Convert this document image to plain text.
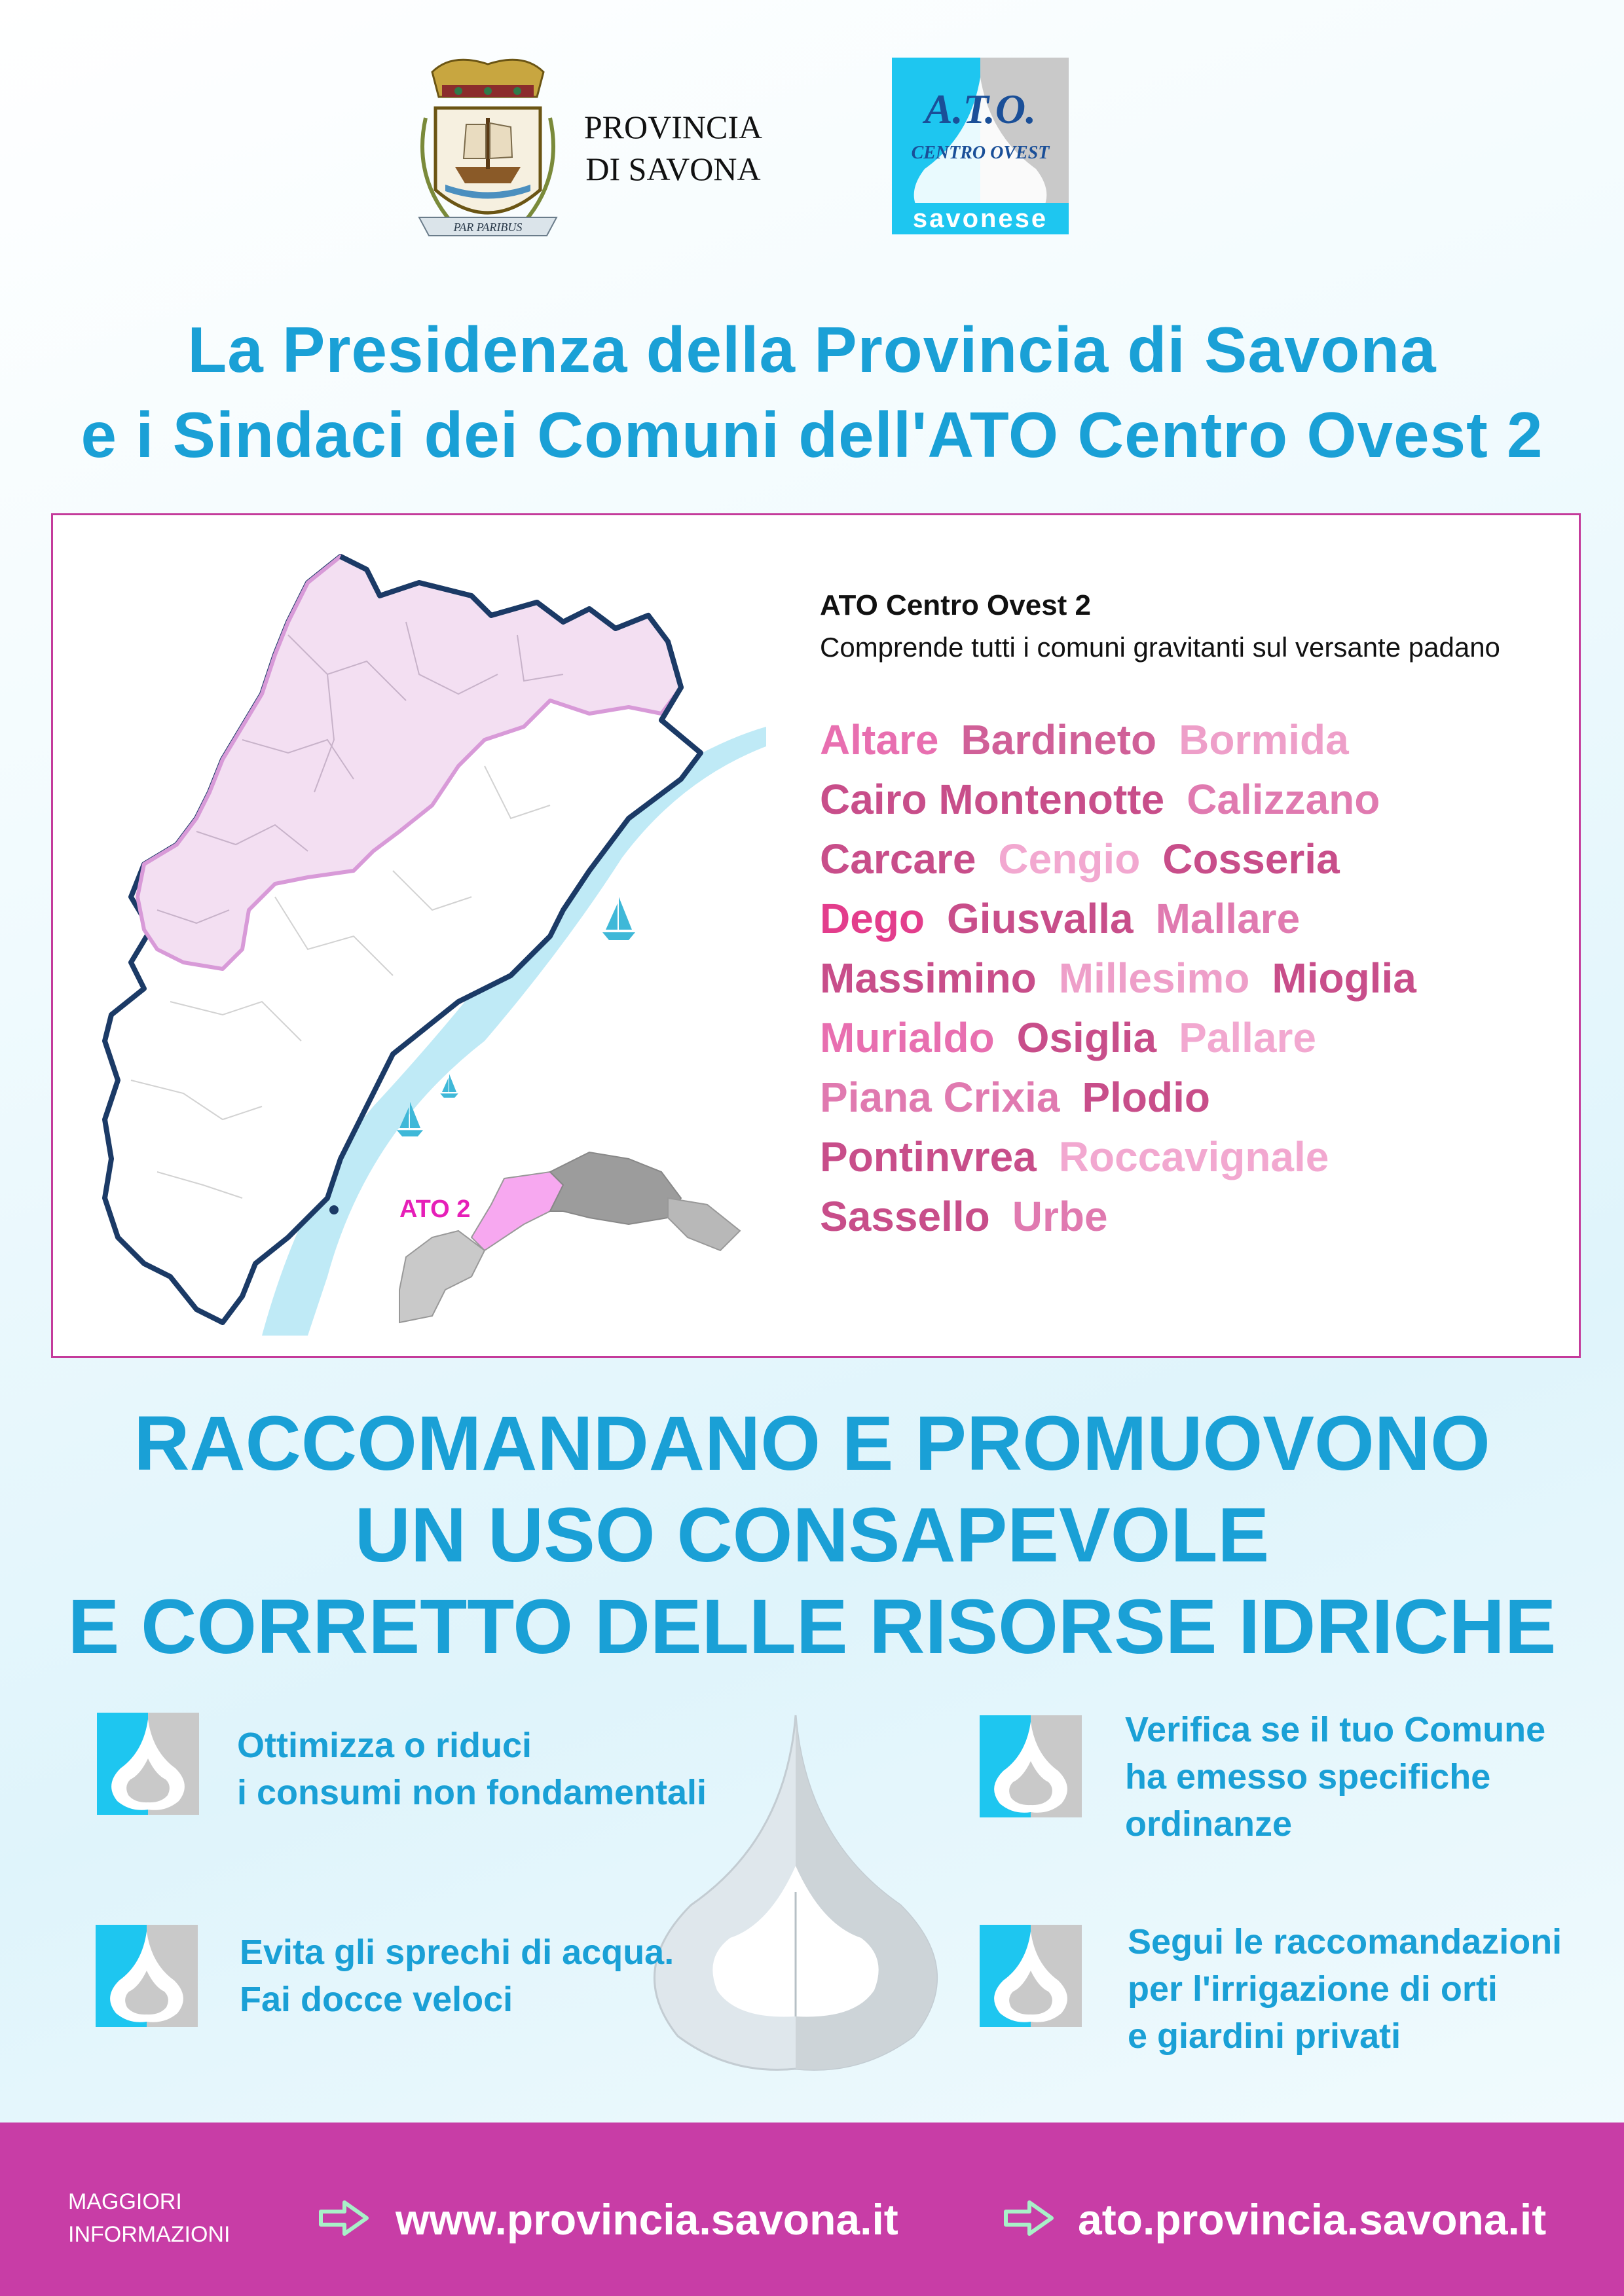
PAR PARIBUS
PROVINCIA
DI SAVONA
A.T.O.
CENTRO OVEST
savonese
La Presidenza della Provincia di Savona
e i Sindaci dei Comuni dell'ATO Centro Ovest 2
ATO 2
ATO Centro Ovest 2
Comprende tutti i comuni gravitanti sul versante padano
Altare Bardineto Bormida
Cairo Montenotte Calizzano
Carcare Cengio Cosseria
Dego Giusvalla Mallare
Massimino Millesimo Mioglia
Murialdo Osiglia Pallare
Piana Crixia Plodio
Pontinvrea Roccavignale
Sassello Urbe
RACCOMANDANO E PROMUOVONO
UN USO CONSAPEVOLE
E CORRETTO DELLE RISORSE IDRICHE
Ottimizza o riduci
i consumi non fondamentali
Evita gli sprechi di acqua.
Fai docce veloci
Verifica se il tuo Comune
ha emesso specifiche
ordinanze
Segui le raccomandazioni
per l'irrigazione di orti
e giardini privati
MAGGIORI
INFORMAZIONI	www.provincia.savona.it	ato.provincia.savona.it
